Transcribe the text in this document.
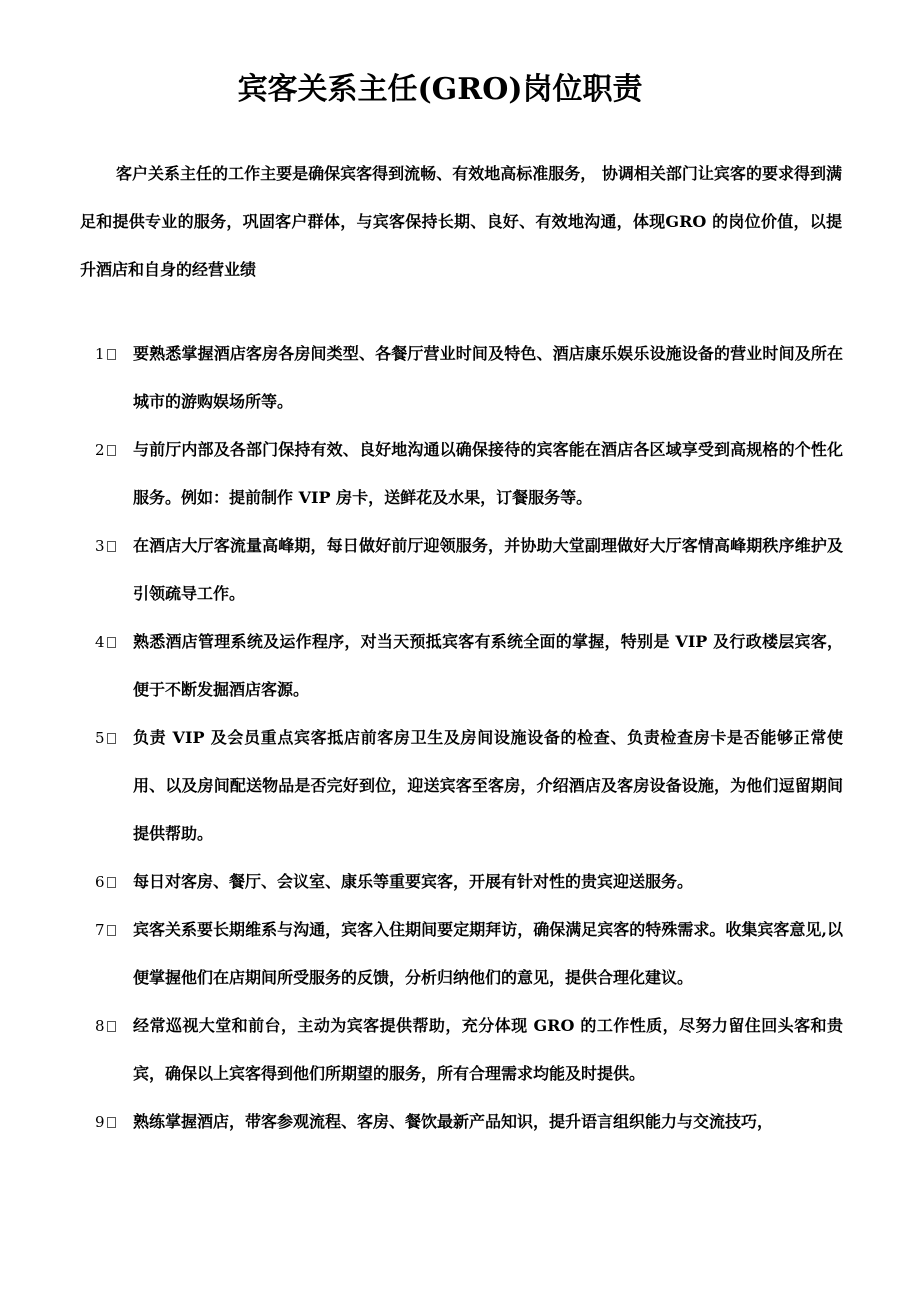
宾客关系主任(GRO)岗位职责
客户关系主任的工作主要是确保宾客得到流畅、有效地高标准服务， 协调相关部门让宾客的要求得到满足和提供专业的服务，巩固客户群体，与宾客保持长期、良好、有效地沟通，体现GRO 的岗位价值，以提升酒店和自身的经营业绩
1 要熟悉掌握酒店客房各房间类型、各餐厅营业时间及特色、酒店康乐娱乐设施设备的营业时间及所在城市的游购娱场所等。
2 与前厅内部及各部门保持有效、良好地沟通以确保接待的宾客能在酒店各区域享受到高规格的个性化服务。例如：提前制作 VIP 房卡，送鲜花及水果，订餐服务等。
3 在酒店大厅客流量高峰期，每日做好前厅迎领服务，并协助大堂副理做好大厅客情高峰期秩序维护及引领疏导工作。
4 熟悉酒店管理系统及运作程序，对当天预抵宾客有系统全面的掌握，特别是 VIP 及行政楼层宾客，便于不断发掘酒店客源。
5 负责 VIP 及会员重点宾客抵店前客房卫生及房间设施设备的检查、负责检查房卡是否能够正常使用、以及房间配送物品是否完好到位，迎送宾客至客房，介绍酒店及客房设备设施，为他们逗留期间提供帮助。
6 每日对客房、餐厅、会议室、康乐等重要宾客，开展有针对性的贵宾迎送服务。
7 宾客关系要长期维系与沟通，宾客入住期间要定期拜访，确保满足宾客的特殊需求。收集宾客意见,以便掌握他们在店期间所受服务的反馈，分析归纳他们的意见，提供合理化建议。
8 经常巡视大堂和前台，主动为宾客提供帮助，充分体现 GRO 的工作性质，尽努力留住回头客和贵宾，确保以上宾客得到他们所期望的服务，所有合理需求均能及时提供。
9 熟练掌握酒店，带客参观流程、客房、餐饮最新产品知识，提升语言组织能力与交流技巧，
